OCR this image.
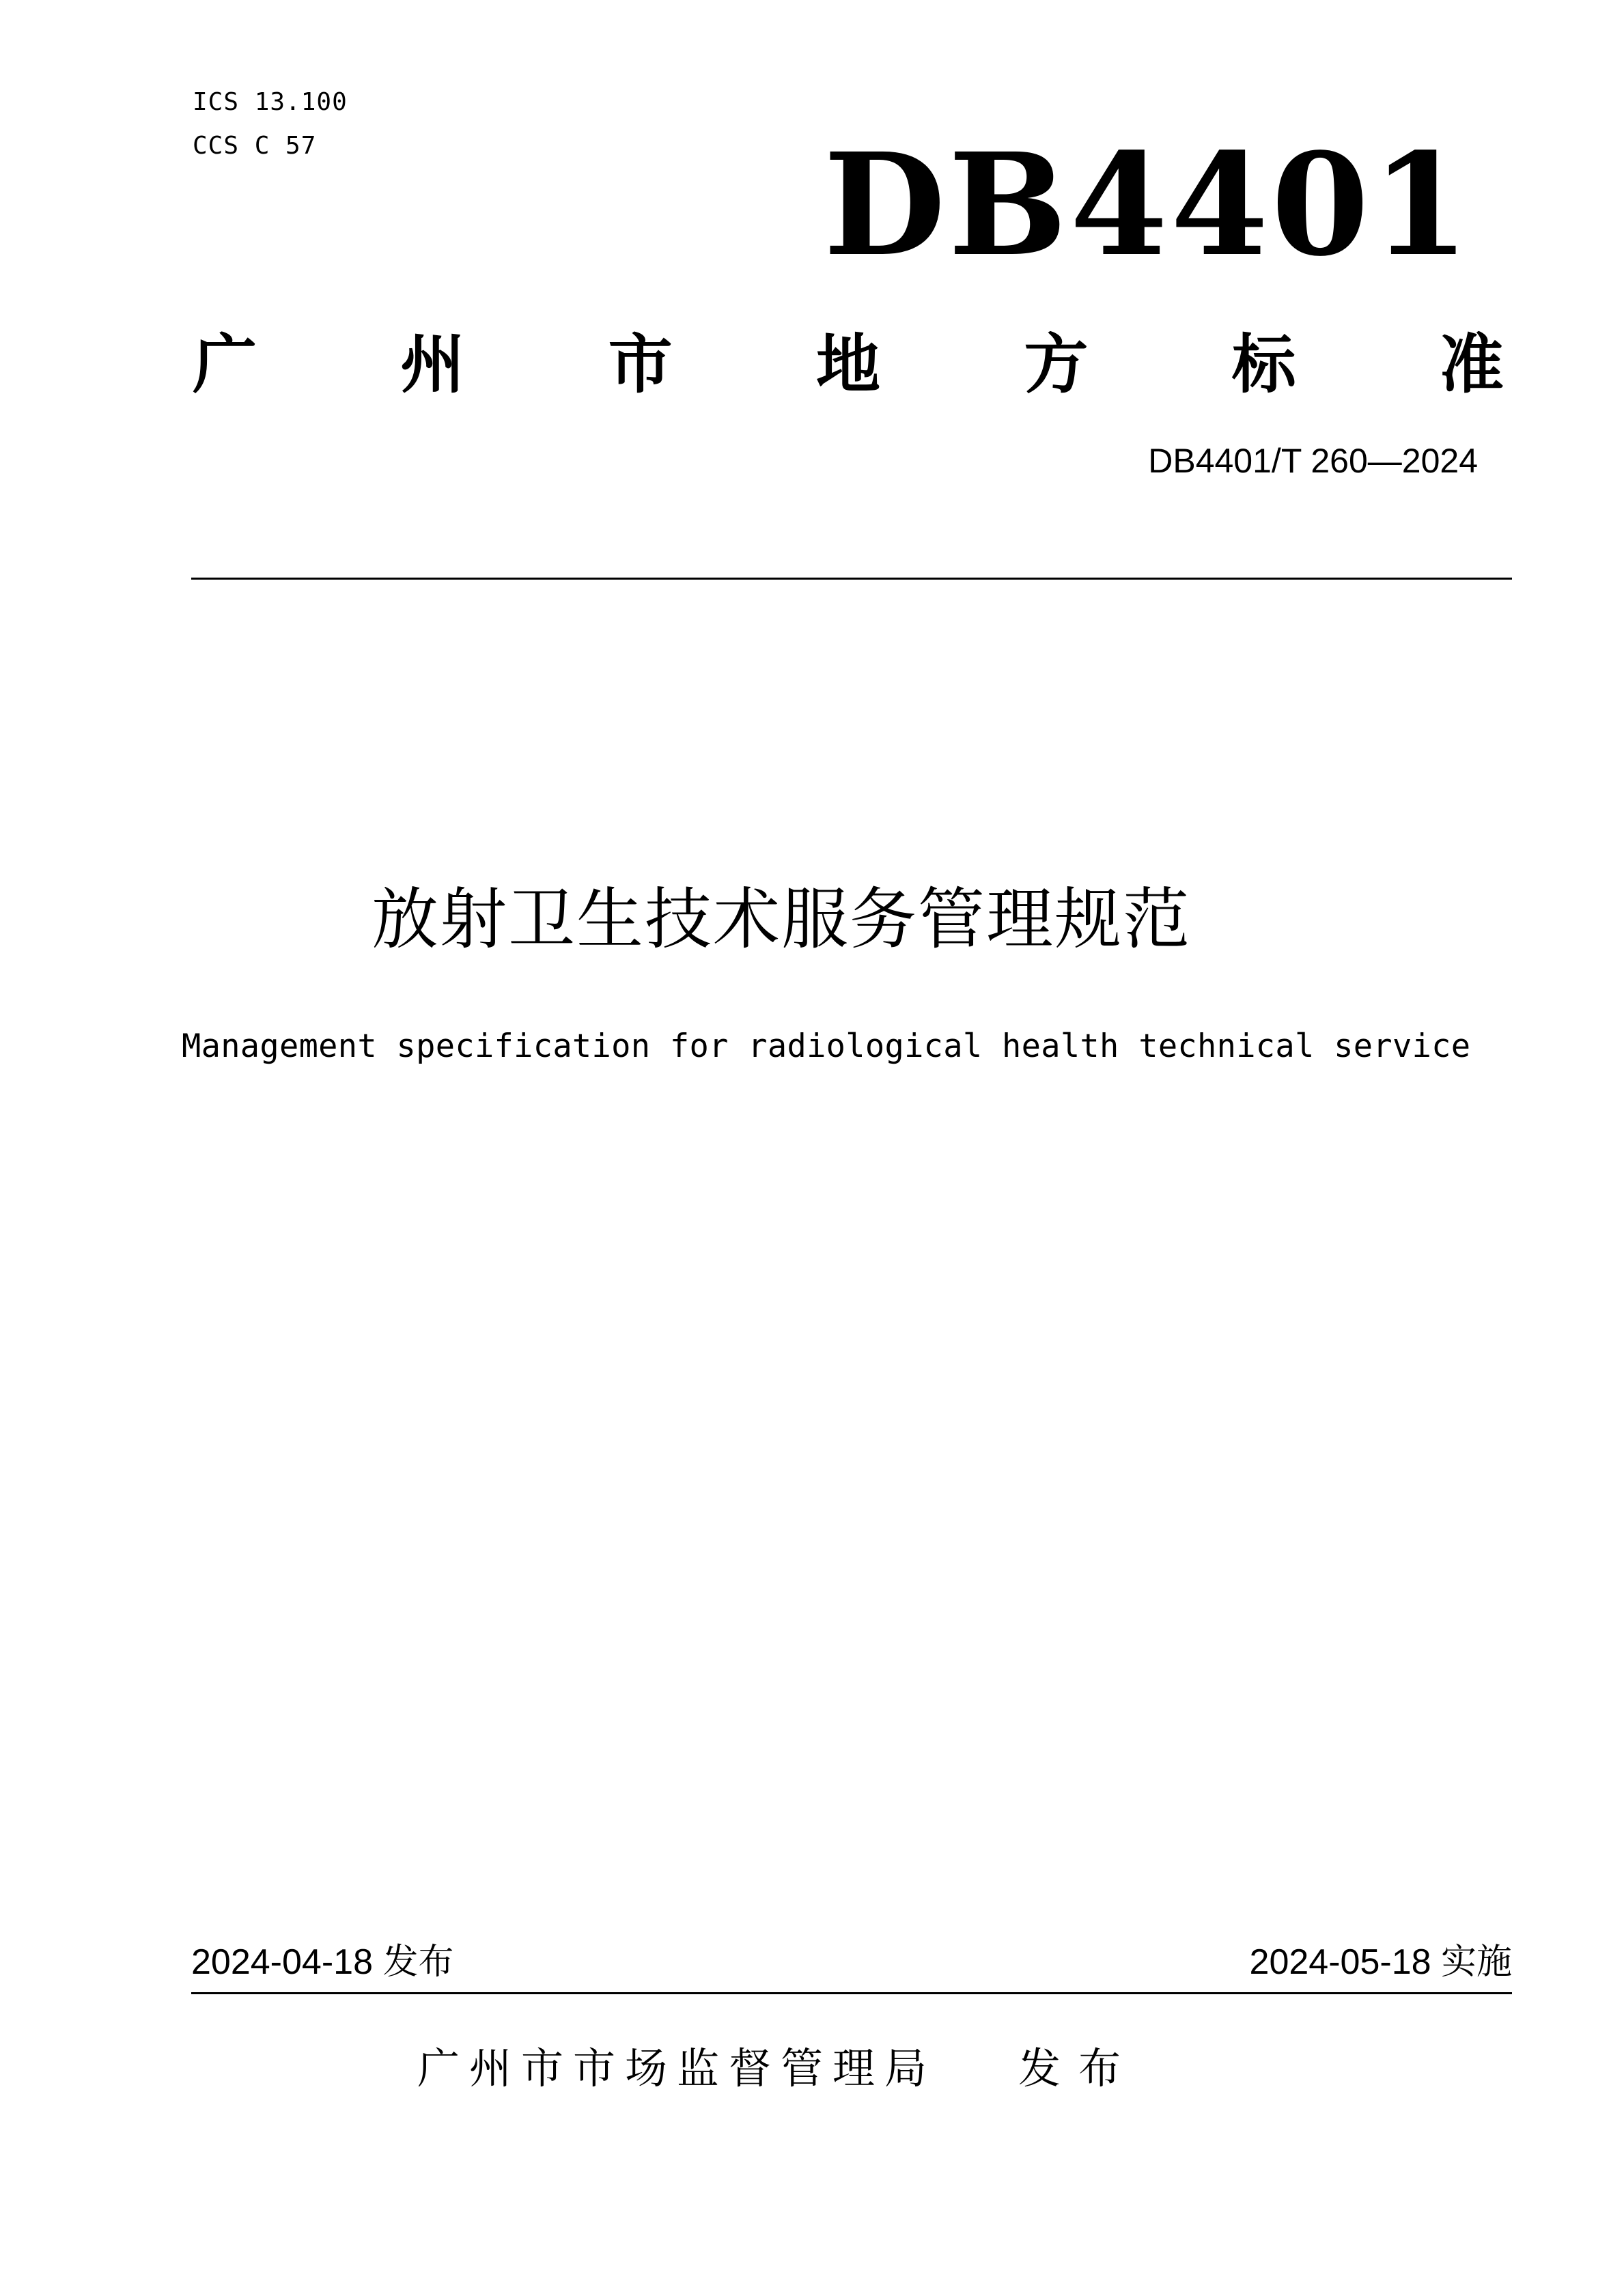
ICS 13.100
CCS C 57	DB4401
广 州 市 地 方 标 准
DB4401/T 260—2024
放射卫生技术服务管理规范
Management specification for radiological health technical service
2024-04-18 发布	2024-05-18 实施
广州市市场监督管理局 发布
